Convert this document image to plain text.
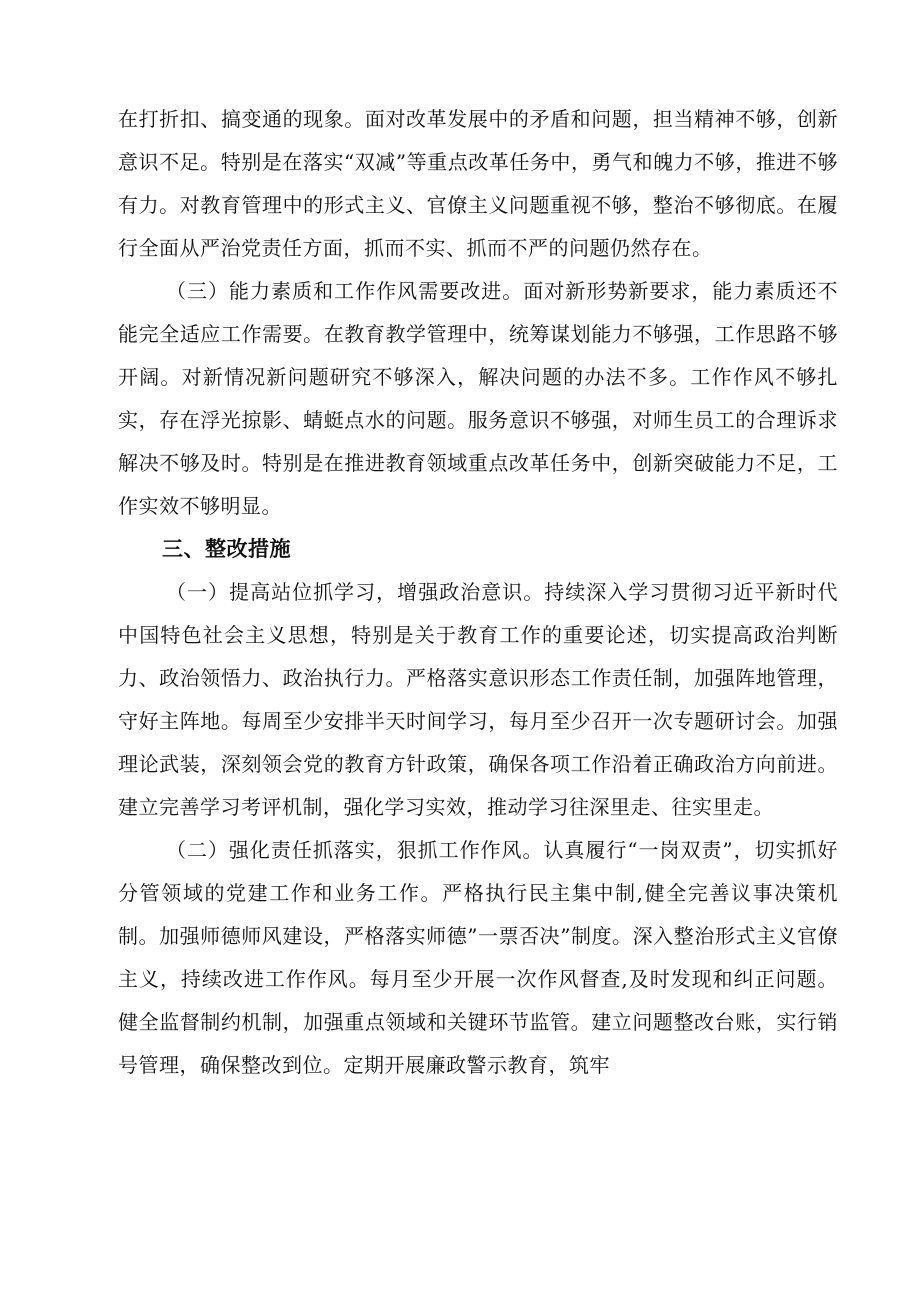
在打折扣、搞变通的现象。面对改革发展中的矛盾和问题，担当精神不够，创新意识不足。特别是在落实“双减”等重点改革任务中，勇气和魄力不够，推进不够有力。对教育管理中的形式主义、官僚主义问题重视不够，整治不够彻底。在履行全面从严治党责任方面，抓而不实、抓而不严的问题仍然存在。

（三）能力素质和工作作风需要改进。面对新形势新要求，能力素质还不能完全适应工作需要。在教育教学管理中，统筹谋划能力不够强，工作思路不够开阔。对新情况新问题研究不够深入，解决问题的办法不多。工作作风不够扎实，存在浮光掠影、蜻蜓点水的问题。服务意识不够强，对师生员工的合理诉求解决不够及时。特别是在推进教育领域重点改革任务中，创新突破能力不足，工作实效不够明显。

三、整改措施

（一）提高站位抓学习，增强政治意识。持续深入学习贯彻习近平新时代中国特色社会主义思想，特别是关于教育工作的重要论述，切实提高政治判断力、政治领悟力、政治执行力。严格落实意识形态工作责任制，加强阵地管理，守好主阵地。每周至少安排半天时间学习，每月至少召开一次专题研讨会。加强理论武装，深刻领会党的教育方针政策，确保各项工作沿着正确政治方向前进。建立完善学习考评机制，强化学习实效，推动学习往深里走、往实里走。

（二）强化责任抓落实，狠抓工作作风。认真履行“一岗双责”，切实抓好分管领域的党建工作和业务工作。严格执行民主集中制,健全完善议事决策机制。加强师德师风建设，严格落实师德”一票否决”制度。深入整治形式主义官僚主义，持续改进工作作风。每月至少开展一次作风督查,及时发现和纠正问题。健全监督制约机制，加强重点领域和关键环节监管。建立问题整改台账，实行销号管理，确保整改到位。定期开展廉政警示教育，筑牢
